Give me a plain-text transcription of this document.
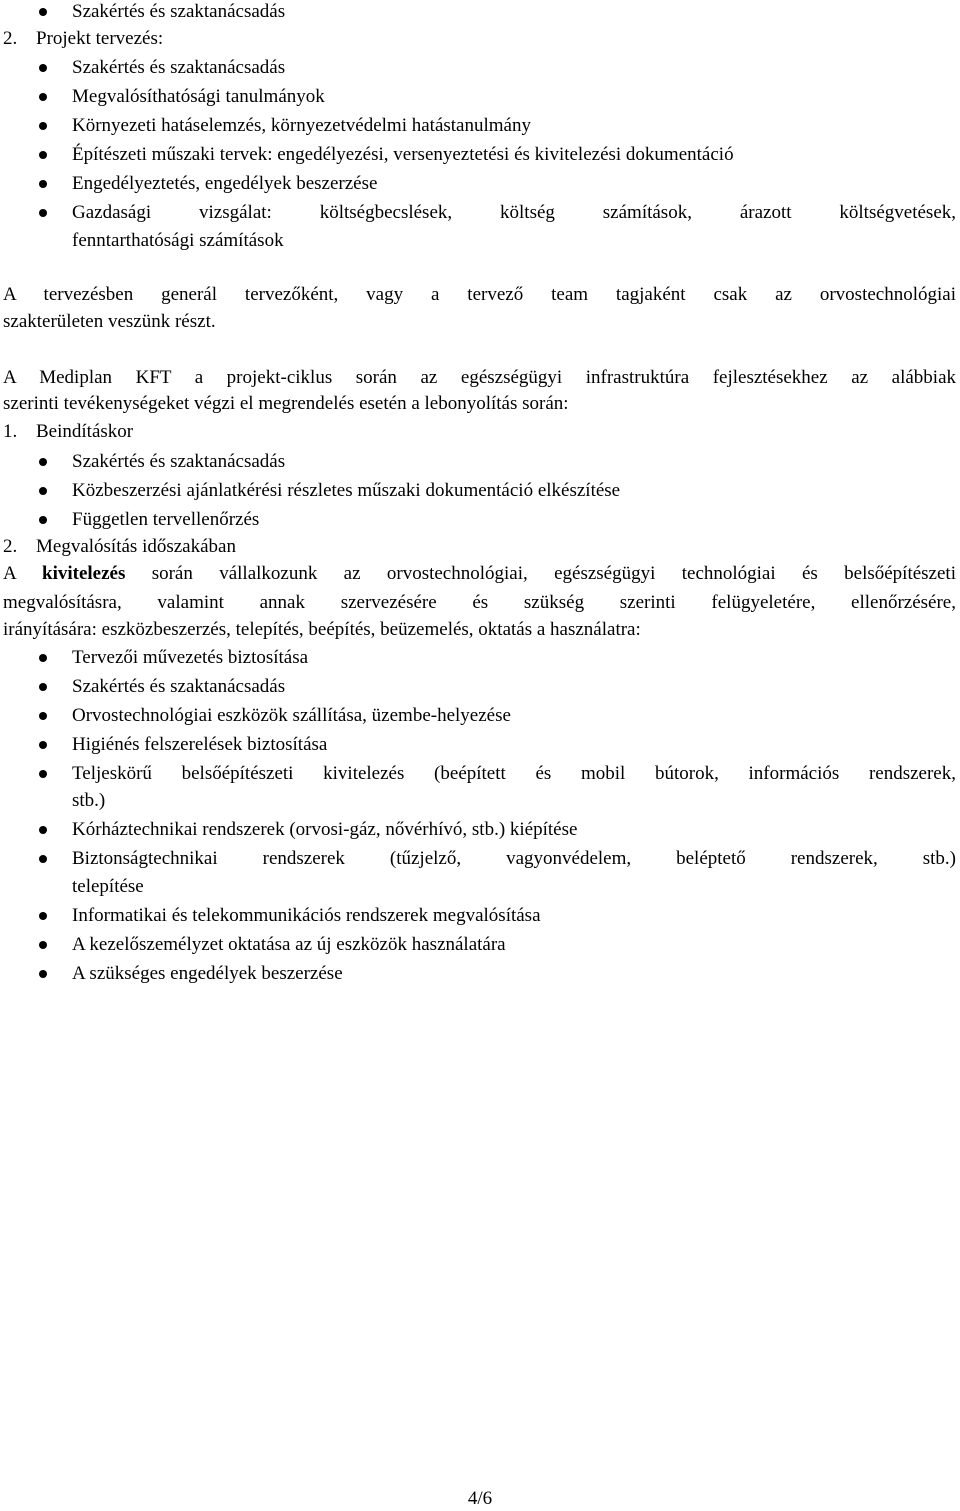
Szakértés és szaktanácsadás
2. Projekt tervezés:
Szakértés és szaktanácsadás
Megvalósíthatósági tanulmányok
Környezeti hatáselemzés, környezetvédelmi hatástanulmány
Építészeti műszaki tervek: engedélyezési, versenyeztetési és kivitelezési dokumentáció
Engedélyeztetés, engedélyek beszerzése
Gazdasági vizsgálat: költségbecslések, költség számítások, árazott költségvetések,
fenntarthatósági számítások
A tervezésben generál tervezőként, vagy a tervező team tagjaként csak az orvostechnológiai
szakterületen veszünk részt.
A Mediplan KFT a projekt-ciklus során az egészségügyi infrastruktúra fejlesztésekhez az alábbiak
szerinti tevékenységeket végzi el megrendelés esetén a lebonyolítás során:
1. Beindításkor
Szakértés és szaktanácsadás
Közbeszerzési ajánlatkérési részletes műszaki dokumentáció elkészítése
Független tervellenőrzés
2. Megvalósítás időszakában
A kivitelezés során vállalkozunk az orvostechnológiai, egészségügyi technológiai és belsőépítészeti
megvalósításra, valamint annak szervezésére és szükség szerinti felügyeletére, ellenőrzésére,
irányítására: eszközbeszerzés, telepítés, beépítés, beüzemelés, oktatás a használatra:
Tervezői művezetés biztosítása
Szakértés és szaktanácsadás
Orvostechnológiai eszközök szállítása, üzembe-helyezése
Higiénés felszerelések biztosítása
Teljeskörű belsőépítészeti kivitelezés (beépített és mobil bútorok, információs rendszerek,
stb.)
Kórháztechnikai rendszerek (orvosi-gáz, nővérhívó, stb.) kiépítése
Biztonságtechnikai rendszerek (tűzjelző, vagyonvédelem, beléptető rendszerek, stb.)
telepítése
Informatikai és telekommunikációs rendszerek megvalósítása
A kezelőszemélyzet oktatása az új eszközök használatára
A szükséges engedélyek beszerzése
4/6
